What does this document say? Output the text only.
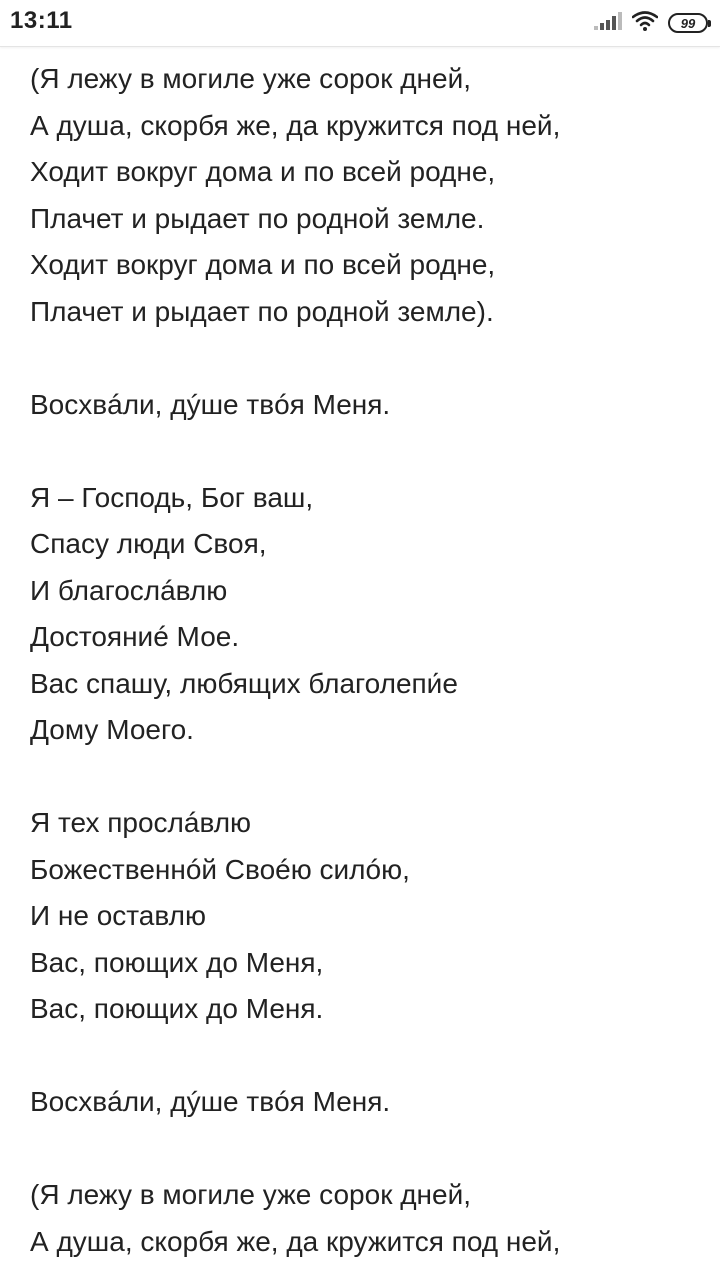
13:11	99
(Я лежу в могиле уже сорок дней,
А душа, скорбя же, да кружится под ней,
Ходит вокруг дома и по всей родне,
Плачет и рыдает по родной земле.
Ходит вокруг дома и по всей родне,
Плачет и рыдает по родной земле).
Восхвáли, дýше твóя Меня.
Я – Господь, Бог ваш,
Спасу люди Своя,
И благослáвлю
Достояниé Мое.
Вас спашу, любящих благолепи́е
Дому Моего.
Я тех прослáвлю
Божественнóй Своéю силóю,
И не оставлю
Вас, поющих до Меня,
Вас, поющих до Меня.
Восхвáли, дýше твóя Меня.
(Я лежу в могиле уже сорок дней,
А душа, скорбя же, да кружится под ней,
